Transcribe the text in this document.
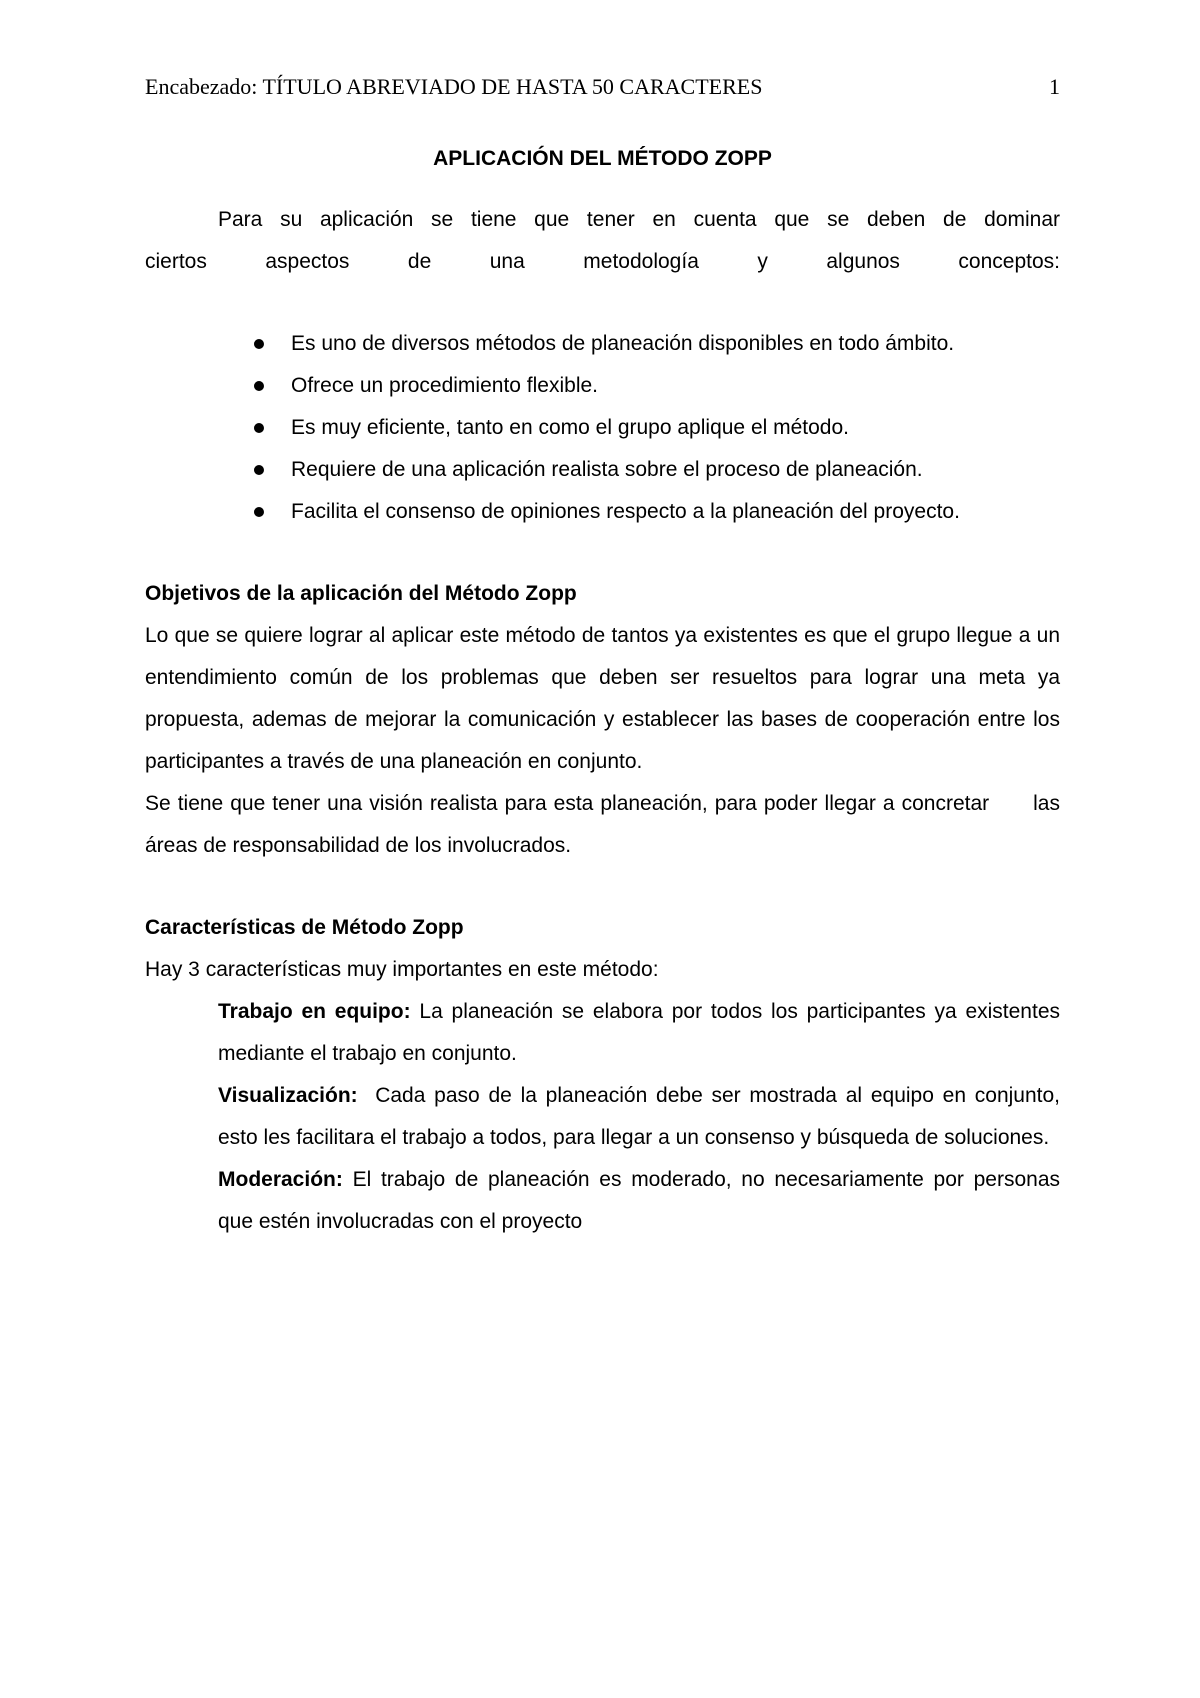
Encabezado: TÍTULO ABREVIADO DE HASTA 50 CARACTERES	1

APLICACIÓN DEL MÉTODO ZOPP

Para su aplicación se tiene que tener en cuenta que se deben de dominar

ciertos aspectos de una metodología y algunos conceptos:

Es uno de diversos métodos de planeación disponibles en todo ámbito.
Ofrece un procedimiento flexible.
Es muy eficiente, tanto en como el grupo aplique el método.
Requiere de una aplicación realista sobre el proceso de planeación.
Facilita el consenso de opiniones respecto a la planeación del proyecto.

Objetivos de la aplicación del Método Zopp

Lo que se quiere lograr al aplicar este método de tantos ya existentes es que el grupo llegue a un entendimiento común de los problemas que deben ser resueltos para lograr una meta ya propuesta, ademas de mejorar la comunicación y establecer las bases de cooperación entre los participantes a través de una planeación en conjunto.

Se tiene que tener una visión realista para esta planeación, para poder llegar a concretar las áreas de responsabilidad de los involucrados.

Características de Método Zopp

Hay 3 características muy importantes en este método:

Trabajo en equipo: La planeación se elabora por todos los participantes ya existentes mediante el trabajo en conjunto.

Visualización: Cada paso de la planeación debe ser mostrada al equipo en conjunto, esto les facilitara el trabajo a todos, para llegar a un consenso y búsqueda de soluciones.

Moderación: El trabajo de planeación es moderado, no necesariamente por personas que estén involucradas con el proyecto
